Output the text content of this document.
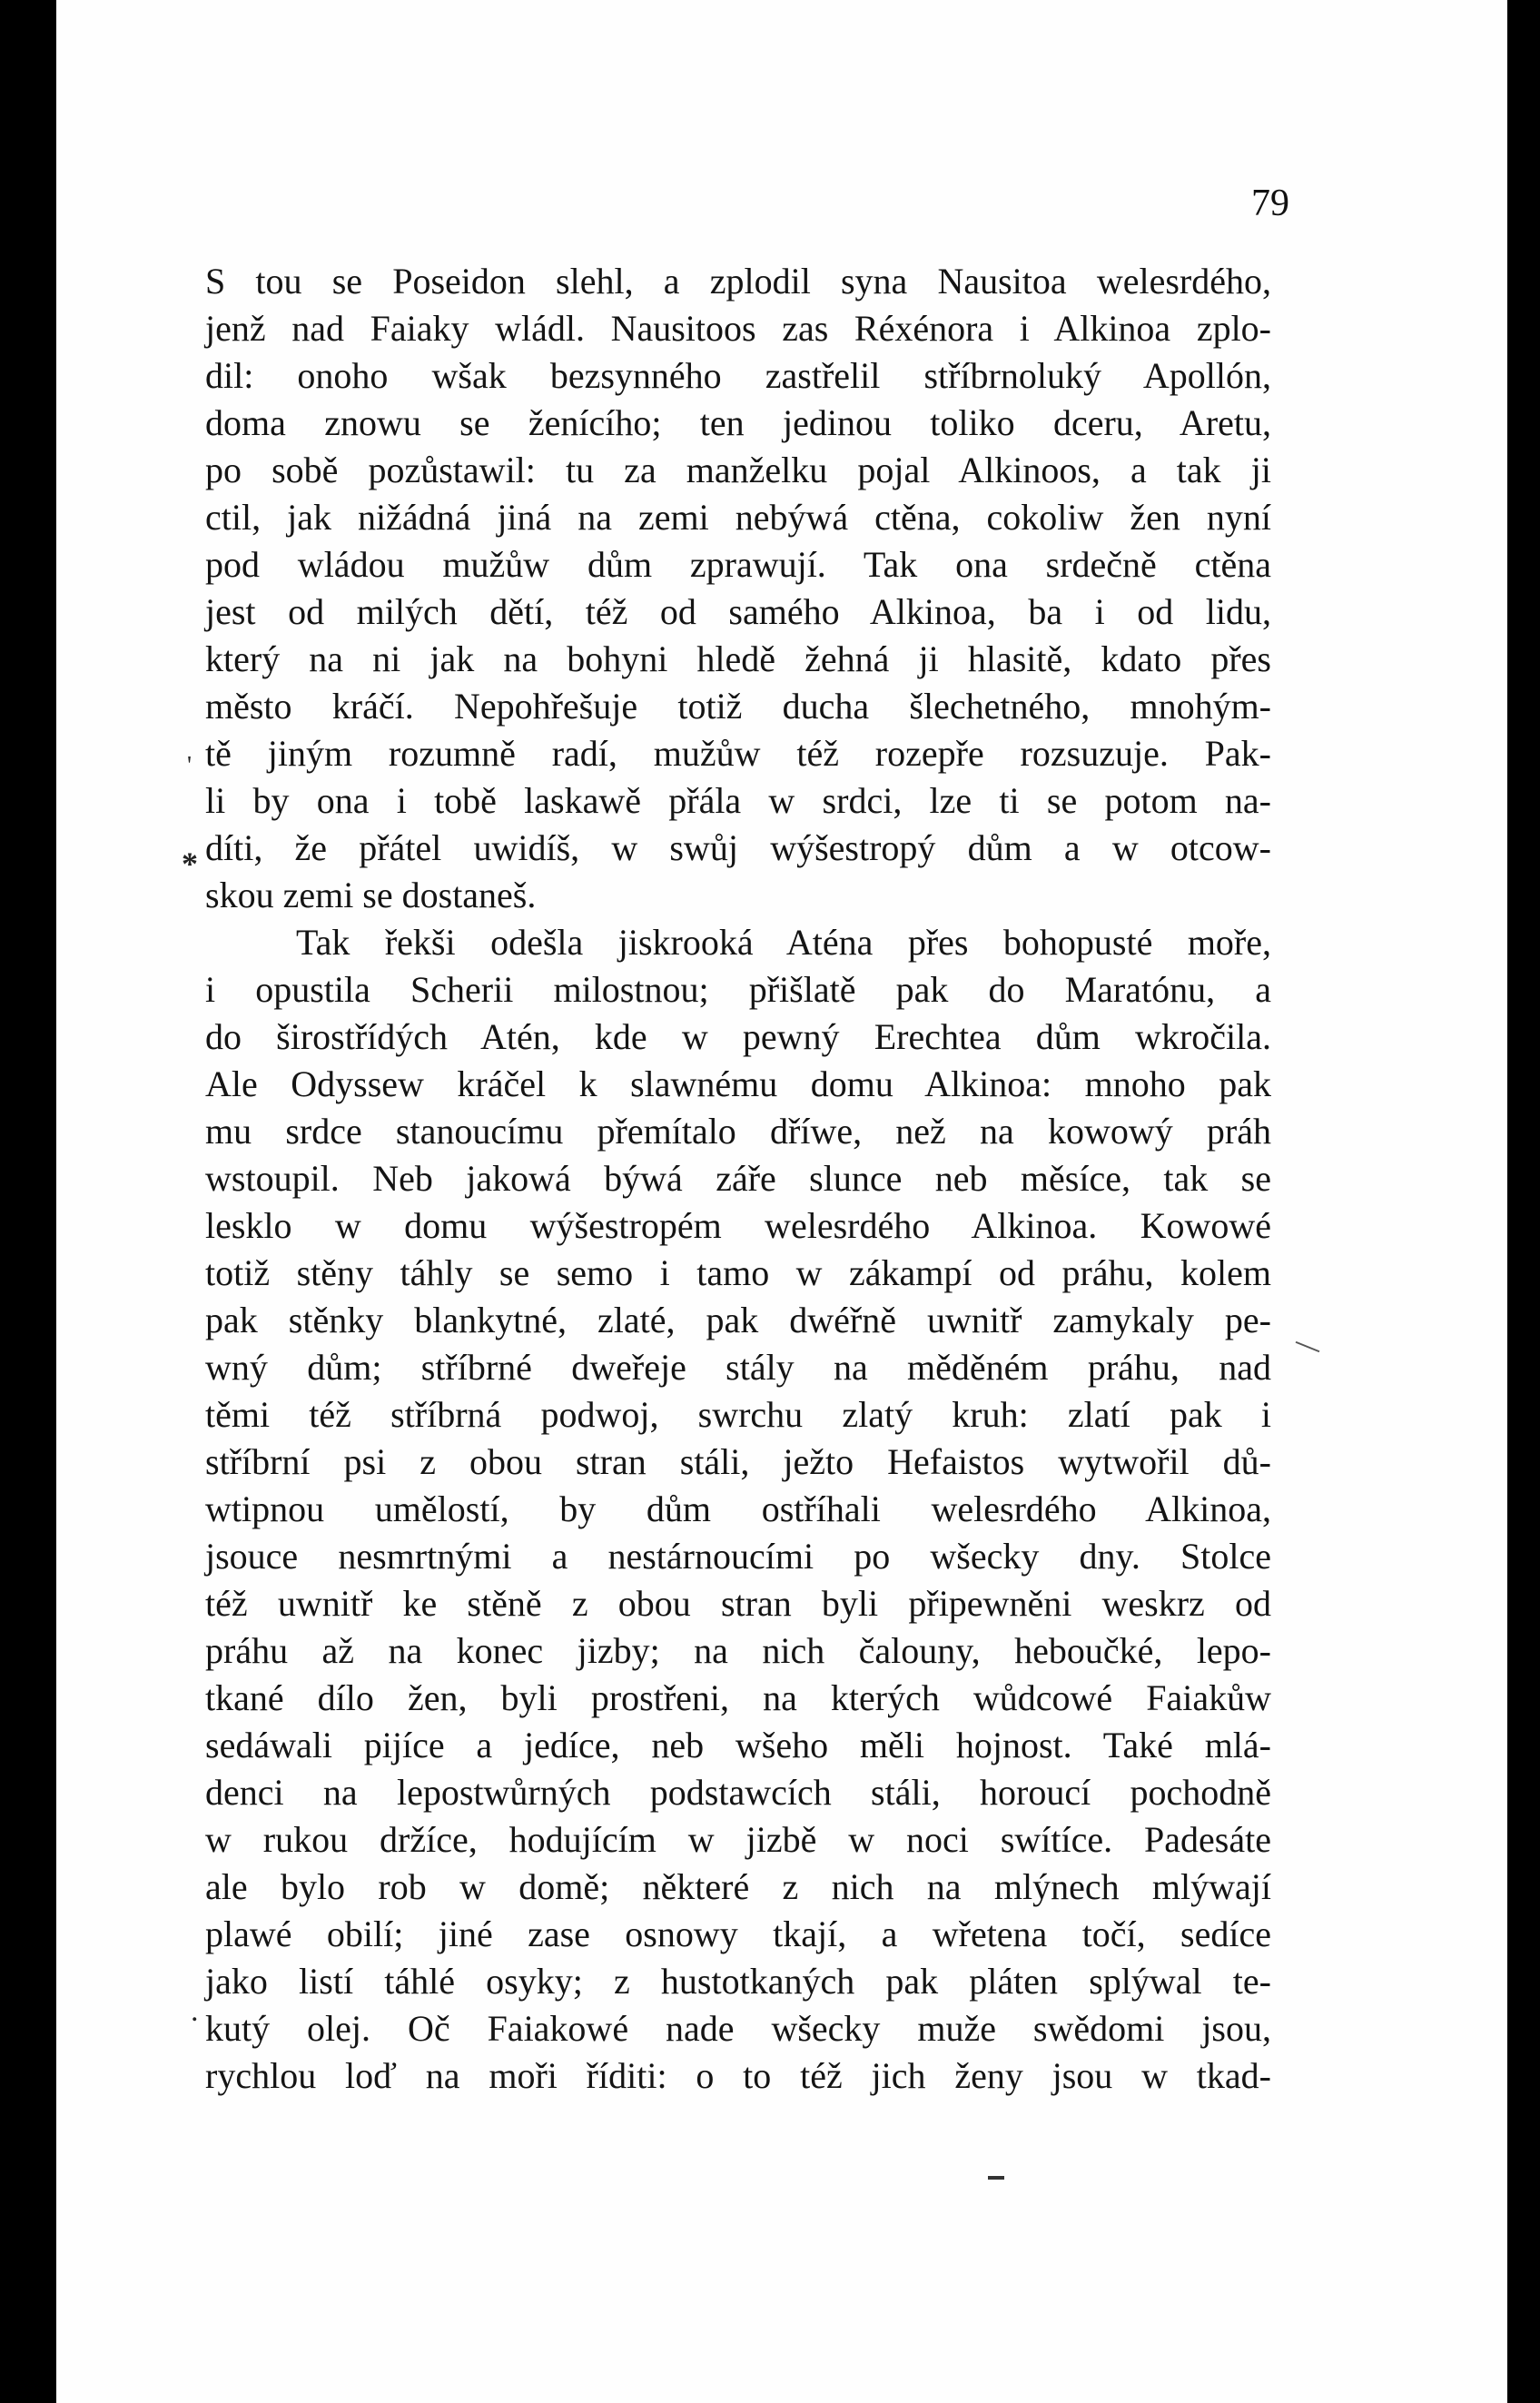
79
S tou se Poseidon slehl, a zplodil syna Nausitoa welesrdého,
jenž nad Faiaky wládl. Nausitoos zas Réxénora i Alkinoa zplo-
dil: onoho wšak bezsynného zastřelil stříbrnoluký Apollón,
doma znowu se ženícího; ten jedinou toliko dceru, Aretu,
po sobě pozůstawil: tu za manželku pojal Alkinoos, a tak ji
ctil, jak nižádná jiná na zemi nebýwá ctěna, cokoliw žen nyní
pod wládou mužůw dům zprawují. Tak ona srdečně ctěna
jest od milých dětí, též od samého Alkinoa, ba i od lidu,
který na ni jak na bohyni hledě žehná ji hlasitě, kdato přes
město kráčí. Nepohřešuje totiž ducha šlechetného, mnohým-
tě jiným rozumně radí, mužůw též rozepře rozsuzuje. Pak-
li by ona i tobě laskawě přála w srdci, lze ti se potom na-
díti, že přátel uwidíš, w swůj wýšestropý dům a w otcow-
skou zemi se dostaneš.
Tak řekši odešla jiskrooká Aténa přes bohopusté moře,
i opustila Scherii milostnou; přišlatě pak do Maratónu, a
do širostřídých Atén, kde w pewný Erechtea dům wkročila.
Ale Odyssew kráčel k slawnému domu Alkinoa: mnoho pak
mu srdce stanoucímu přemítalo dříwe, než na kowowý práh
wstoupil. Neb jakowá býwá záře slunce neb měsíce, tak se
lesklo w domu wýšestropém welesrdého Alkinoa. Kowowé
totiž stěny táhly se semo i tamo w zákampí od práhu, kolem
pak stěnky blankytné, zlaté, pak dwéřně uwnitř zamykaly pe-
wný dům; stříbrné dweřeje stály na měděném práhu, nad
těmi též stříbrná podwoj, swrchu zlatý kruh: zlatí pak i
stříbrní psi z obou stran stáli, ježto Hefaistos wytwořil dů-
wtipnou umělostí, by dům ostříhali welesrdého Alkinoa,
jsouce nesmrtnými a nestárnoucími po wšecky dny. Stolce
též uwnitř ke stěně z obou stran byli připewněni weskrz od
práhu až na konec jizby; na nich čalouny, heboučké, lepo-
tkané dílo žen, byli prostřeni, na kterých wůdcowé Faiakůw
sedáwali pijíce a jedíce, neb wšeho měli hojnost. Také mlá-
denci na lepostwůrných podstawcích stáli, horoucí pochodně
w rukou držíce, hodujícím w jizbě w noci swítíce. Padesáte
ale bylo rob w domě; některé z nich na mlýnech mlýwají
plawé obilí; jiné zase osnowy tkají, a wřetena točí, sedíce
jako listí táhlé osyky; z hustotkaných pak pláten splýwal te-
kutý olej. Oč Faiakowé nade wšecky muže swědomi jsou,
rychlou loď na moři říditi: o to též jich ženy jsou w tkad-
'
*
.
